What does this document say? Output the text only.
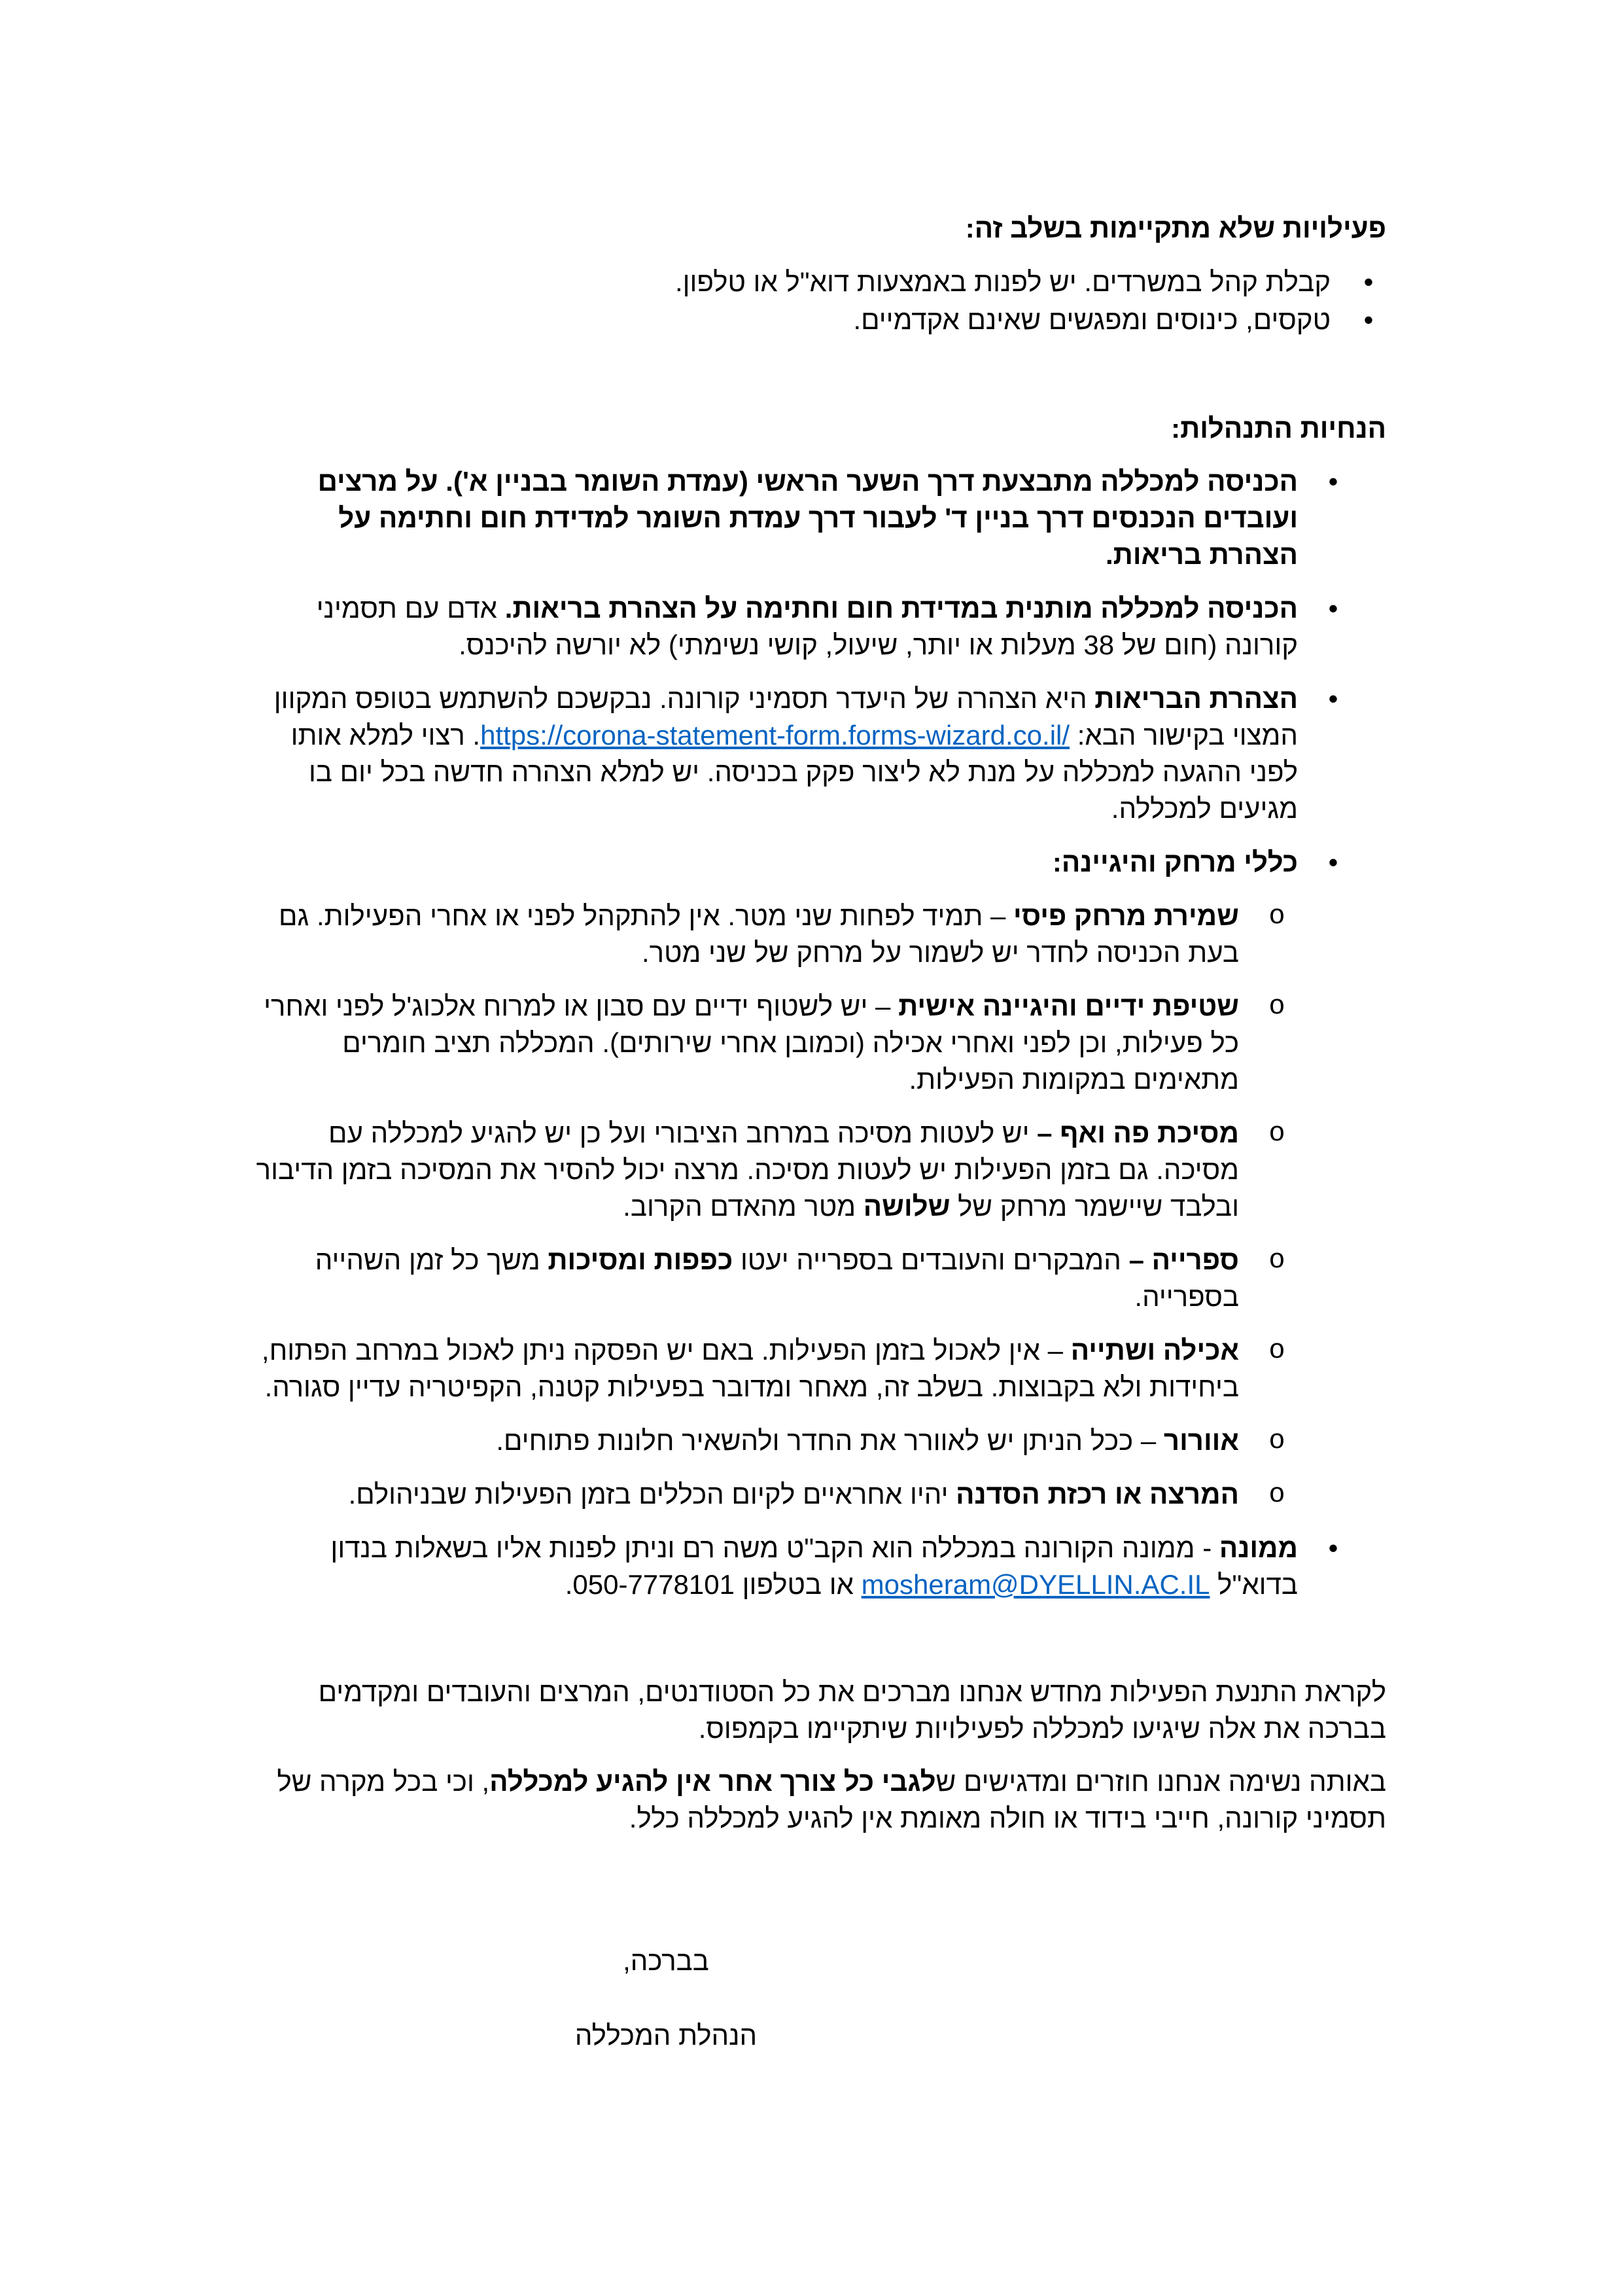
פעילויות שלא מתקיימות בשלב זה:

•
קבלת קהל במשרדים. יש לפנות באמצעות דוא"ל או טלפון.
•
טקסים, כינוסים ומפגשים שאינם אקדמיים.

הנחיות התנהלות:

•
הכניסה למכללה מתבצעת דרך השער הראשי (עמדת השומר בבניין א'). על מרצים ועובדים הנכנסים דרך בניין ד' לעבור דרך עמדת השומר למדידת חום וחתימה על הצהרת בריאות.
•
הכניסה למכללה מותנית במדידת חום וחתימה על הצהרת בריאות. אדם עם תסמיני קורונה (חום של 38 מעלות או יותר, שיעול, קושי נשימתי) לא יורשה להיכנס.
•
הצהרת הבריאות היא הצהרה של היעדר תסמיני קורונה. נבקשכם להשתמש בטופס המקוון המצוי בקישור הבא: https://corona-statement-form.forms-wizard.co.il/. רצוי למלא אותו לפני ההגעה למכללה על מנת לא ליצור פקק בכניסה. יש למלא הצהרה חדשה בכל יום בו מגיעים למכללה.
•
כללי מרחק והיגיינה:
o
שמירת מרחק פיסי – תמיד לפחות שני מטר. אין להתקהל לפני או אחרי הפעילות. גם בעת הכניסה לחדר יש לשמור על מרחק של שני מטר.
o
שטיפת ידיים והיגיינה אישית – יש לשטוף ידיים עם סבון או למרוח אלכוג'ל לפני ואחרי כל פעילות, וכן לפני ואחרי אכילה (וכמובן אחרי שירותים). המכללה תציב חומרים מתאימים במקומות הפעילות.
o
מסיכת פה ואף – יש לעטות מסיכה במרחב הציבורי ועל כן יש להגיע למכללה עם מסיכה. גם בזמן הפעילות יש לעטות מסיכה. מרצה יכול להסיר את המסיכה בזמן הדיבור ובלבד שיישמר מרחק של שלושה מטר מהאדם הקרוב.
o
ספרייה – המבקרים והעובדים בספרייה יעטו כפפות ומסיכות משך כל זמן השהייה בספרייה.
o
אכילה ושתייה – אין לאכול בזמן הפעילות. באם יש הפסקה ניתן לאכול במרחב הפתוח, ביחידות ולא בקבוצות. בשלב זה, מאחר ומדובר בפעילות קטנה, הקפיטריה עדיין סגורה.
o
אוורור – ככל הניתן יש לאוורר את החדר ולהשאיר חלונות פתוחים.
o
המרצה או רכזת הסדנה יהיו אחראיים לקיום הכללים בזמן הפעילות שבניהולם.
•
ממונה - ממונה הקורונה במכללה הוא הקב"ט משה רם וניתן לפנות אליו בשאלות בנדון בדוא"ל mosheram@DYELLIN.AC.IL או בטלפון 050-7778101.

לקראת התנעת הפעילות מחדש אנחנו מברכים את כל הסטודנטים, המרצים והעובדים ומקדמים בברכה את אלה שיגיעו למכללה לפעילויות שיתקיימו בקמפוס.

באותה נשימה אנחנו חוזרים ומדגישים שלגבי כל צורך אחר אין להגיע למכללה, וכי בכל מקרה של תסמיני קורונה, חייבי בידוד או חולה מאומת אין להגיע למכללה כלל.

בברכה,

הנהלת המכללה
